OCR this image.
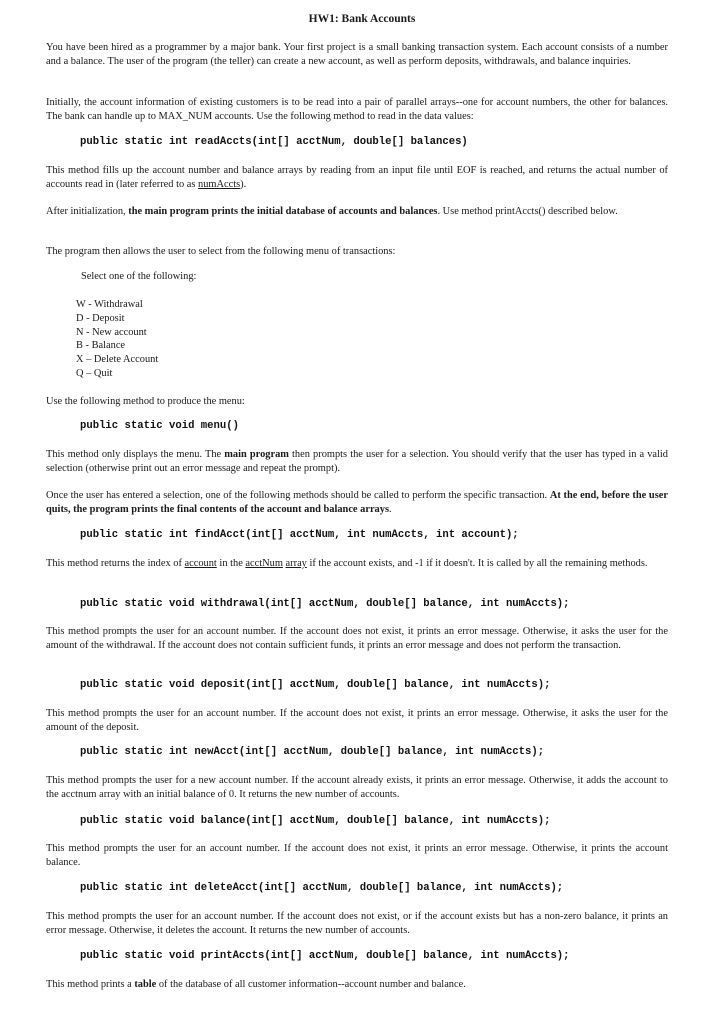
HW1: Bank Accounts

You have been hired as a programmer by a major bank. Your first project is a small banking transaction system. Each account consists of a number and a balance. The user of the program (the teller) can create a new account, as well as perform deposits, withdrawals, and balance inquiries.

Initially, the account information of existing customers is to be read into a pair of parallel arrays--one for account numbers, the other for balances. The bank can handle up to MAX_NUM accounts. Use the following method to read in the data values:

public static int readAccts(int[] acctNum, double[] balances)

This method fills up the account number and balance arrays by reading from an input file until EOF is reached, and returns the actual number of accounts read in (later referred to as numAccts).

After initialization, the main program prints the initial database of accounts and balances. Use method printAccts() described below.

The program then allows the user to select from the following menu of transactions:

Select one of the following:
W - Withdrawal
D - Deposit
N - New account
B - Balance
X – Delete Account
Q – Quit

Use the following method to produce the menu:

public static void menu()

This method only displays the menu. The main program then prompts the user for a selection. You should verify that the user has typed in a valid selection (otherwise print out an error message and repeat the prompt).

Once the user has entered a selection, one of the following methods should be called to perform the specific transaction. At the end, before the user quits, the program prints the final contents of the account and balance arrays.

public static int findAcct(int[] acctNum, int numAccts, int account);

This method returns the index of account in the acctNum array if the account exists, and -1 if it doesn't. It is called by all the remaining methods.

public static void withdrawal(int[] acctNum, double[] balance, int numAccts);

This method prompts the user for an account number. If the account does not exist, it prints an error message. Otherwise, it asks the user for the amount of the withdrawal. If the account does not contain sufficient funds, it prints an error message and does not perform the transaction.

public static void deposit(int[] acctNum, double[] balance, int numAccts);

This method prompts the user for an account number. If the account does not exist, it prints an error message. Otherwise, it asks the user for the amount of the deposit.

public static int newAcct(int[] acctNum, double[] balance, int numAccts);

This method prompts the user for a new account number. If the account already exists, it prints an error message. Otherwise, it adds the account to the acctnum array with an initial balance of 0. It returns the new number of accounts.

public static void balance(int[] acctNum, double[] balance, int numAccts);

This method prompts the user for an account number. If the account does not exist, it prints an error message. Otherwise, it prints the account balance.

public static int deleteAcct(int[] acctNum, double[] balance, int numAccts);

This method prompts the user for an account number. If the account does not exist, or if the account exists but has a non-zero balance, it prints an error message. Otherwise, it deletes the account. It returns the new number of accounts.

public static void printAccts(int[] acctNum, double[] balance, int numAccts);

This method prints a table of the database of all customer information--account number and balance.
